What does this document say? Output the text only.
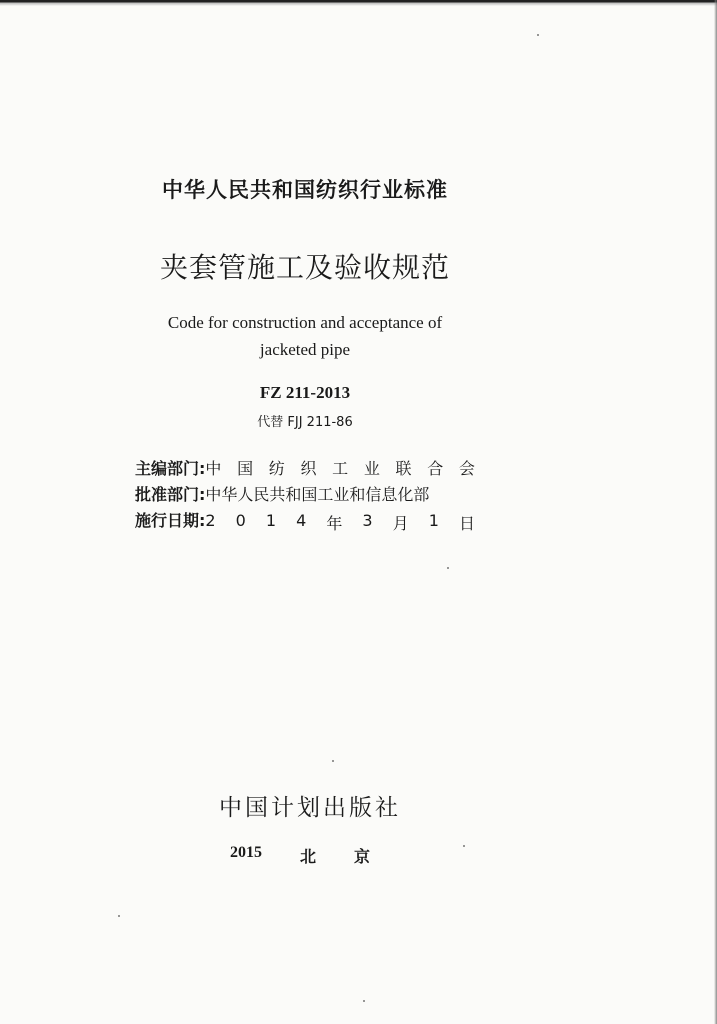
中华人民共和国纺织行业标准
夹套管施工及验收规范
Code for construction and acceptance of
jacketed pipe
FZ 211-2013
代替 FJJ 211-86
主编部门: 中 国 纺 织 工 业 联 合 会
批准部门: 中华人民共和国工业和信息化部
施行日期: 2 0 1 4 年 3 月 1 日
中国计划出版社
2015 北 京
